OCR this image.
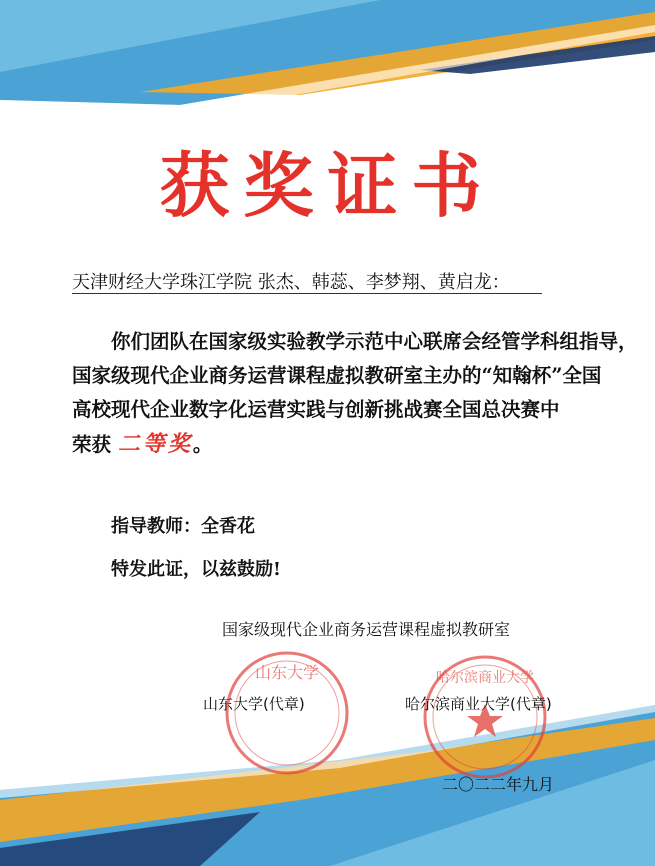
获奖证书
天津财经大学珠江学院 张杰、韩蕊、李梦翔、黄启龙：
你们团队在国家级实验教学示范中心联席会经管学科组指导，
国家级现代企业商务运营课程虚拟教研室主办的“知翰杯”全国
高校现代企业数字化运营实践与创新挑战赛全国总决赛中
荣获 二等奖。
指导教师：全香花
特发此证，以兹鼓励!
国家级现代企业商务运营课程虚拟教研室
山东大学	哈尔滨商业大学
山东大学(代章)	哈尔滨商业大学(代章)
二〇二二年九月
